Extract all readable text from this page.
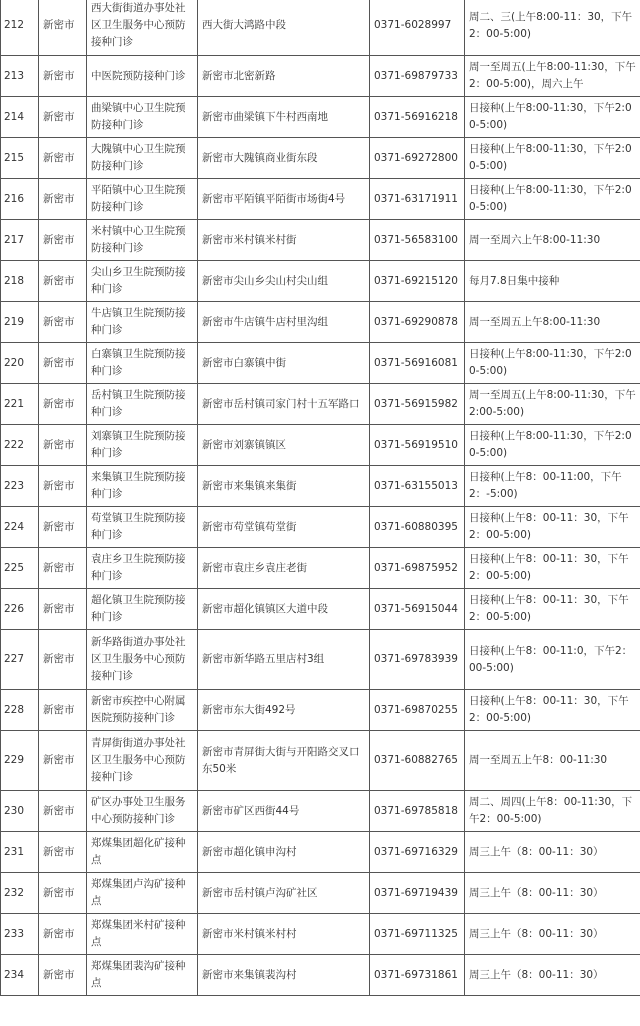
212	新密市	西大街街道办事处社区卫生服务中心预防接种门诊	西大街大鸿路中段	0371-6028997	周二、三(上午8:00-11：30，下午2：00-5:00)
213	新密市	中医院预防接种门诊	新密市北密新路	0371-69879733	周一至周五(上午8:00-11:30，下午2：00-5:00)，周六上午
214	新密市	曲梁镇中心卫生院预防接种门诊	新密市曲梁镇下牛村西南地	0371-56916218	日接种(上午8:00-11:30，下午2:00-5:00)
215	新密市	大隗镇中心卫生院预防接种门诊	新密市大隗镇商业街东段	0371-69272800	日接种(上午8:00-11:30，下午2:00-5:00)
216	新密市	平陌镇中心卫生院预防接种门诊	新密市平陌镇平陌街市场街4号	0371-63171911	日接种(上午8:00-11:30，下午2:00-5:00)
217	新密市	米村镇中心卫生院预防接种门诊	新密市米村镇米村街	0371-56583100	周一至周六上午8:00-11:30
218	新密市	尖山乡卫生院预防接种门诊	新密市尖山乡尖山村尖山组	0371-69215120	每月7.8日集中接种
219	新密市	牛店镇卫生院预防接种门诊	新密市牛店镇牛店村里沟组	0371-69290878	周一至周五上午8:00-11:30
220	新密市	白寨镇卫生院预防接种门诊	新密市白寨镇中街	0371-56916081	日接种(上午8:00-11:30，下午2:00-5:00)
221	新密市	岳村镇卫生院预防接种门诊	新密市岳村镇司家门村十五军路口	0371-56915982	周一至周五(上午8:00-11:30，下午2:00-5:00)
222	新密市	刘寨镇卫生院预防接种门诊	新密市刘寨镇镇区	0371-56919510	日接种(上午8:00-11:30，下午2:00-5:00)
223	新密市	来集镇卫生院预防接种门诊	新密市来集镇来集街	0371-63155013	日接种(上午8：00-11:00，下午2：-5:00)
224	新密市	苟堂镇卫生院预防接种门诊	新密市苟堂镇苟堂街	0371-60880395	日接种(上午8：00-11：30，下午2：00-5:00)
225	新密市	袁庄乡卫生院预防接种门诊	新密市袁庄乡袁庄老街	0371-69875952	日接种(上午8：00-11：30，下午2：00-5:00)
226	新密市	超化镇卫生院预防接种门诊	新密市超化镇镇区大道中段	0371-56915044	日接种(上午8：00-11：30，下午2：00-5:00)
227	新密市	新华路街道办事处社区卫生服务中心预防接种门诊	新密市新华路五里店村3组	0371-69783939	日接种(上午8：00-11:0，下午2：00-5:00)
228	新密市	新密市疾控中心附属医院预防接种门诊	新密市东大街492号	0371-69870255	日接种(上午8：00-11：30，下午2：00-5:00)
229	新密市	青屏街街道办事处社区卫生服务中心预防接种门诊	新密市青屏街大街与开阳路交叉口东50米	0371-60882765	周一至周五上午8：00-11:30
230	新密市	矿区办事处卫生服务中心预防接种门诊	新密市矿区西街44号	0371-69785818	周二、周四(上午8：00-11:30，下午2：00-5:00)
231	新密市	郑煤集团超化矿接种点	新密市超化镇申沟村	0371-69716329	周三上午（8：00-11：30）
232	新密市	郑煤集团卢沟矿接种点	新密市岳村镇卢沟矿社区	0371-69719439	周三上午（8：00-11：30）
233	新密市	郑煤集团米村矿接种点	新密市米村镇米村村	0371-69711325	周三上午（8：00-11：30）
234	新密市	郑煤集团裴沟矿接种点	新密市来集镇裴沟村	0371-69731861	周三上午（8：00-11：30）
